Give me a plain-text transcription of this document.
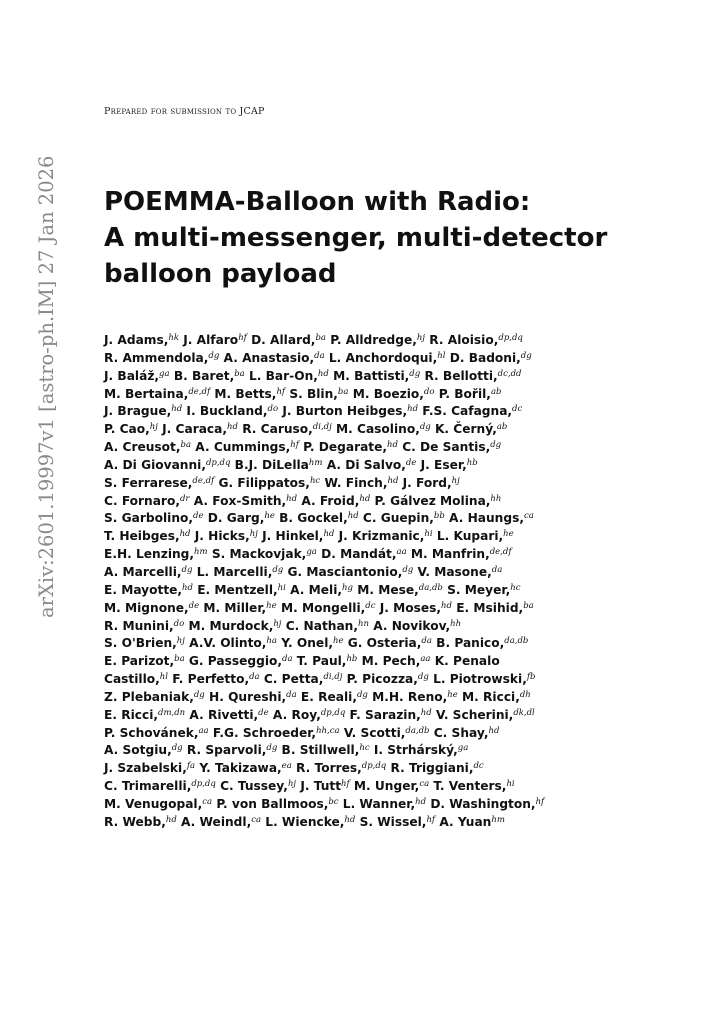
Prepared for submission to JCAP
arXiv:2601.19997v1 [astro-ph.IM] 27 Jan 2026 POEMMA-Balloon with Radio:
A multi-messenger, multi-detector
balloon payload
J. Adams,$^{hk}$ J. Alfaro$^{hf}$ D. Allard,$^{ba}$ P. Alldredge,$^{hj}$ R. Aloisio,$^{dp,dq}$
R. Ammendola,$^{dg}$ A. Anastasio,$^{da}$ L. Anchordoqui,$^{hl}$ D. Badoni,$^{dg}$
J. Baláž,$^{ga}$ B. Baret,$^{ba}$ L. Bar-On,$^{hd}$ M. Battisti,$^{dg}$ R. Bellotti,$^{dc,dd}$
M. Bertaina,$^{de,df}$ M. Betts,$^{hf}$ S. Blin,$^{ba}$ M. Boezio,$^{do}$ P. Bořil,$^{ab}$
J. Brague,$^{hd}$ I. Buckland,$^{do}$ J. Burton Heibges,$^{hd}$ F.S. Cafagna,$^{dc}$
P. Cao,$^{hj}$ J. Caraca,$^{hd}$ R. Caruso,$^{di,dj}$ M. Casolino,$^{dg}$ K. Černý,$^{ab}$
A. Creusot,$^{ba}$ A. Cummings,$^{hf}$ P. Degarate,$^{hd}$ C. De Santis,$^{dg}$
A. Di Giovanni,$^{dp,dq}$ B.J. DiLella$^{hm}$ A. Di Salvo,$^{de}$ J. Eser,$^{hb}$
S. Ferrarese,$^{de,df}$ G. Filippatos,$^{hc}$ W. Finch,$^{hd}$ J. Ford,$^{hj}$
C. Fornaro,$^{dr}$ A. Fox-Smith,$^{hd}$ A. Froid,$^{hd}$ P. Gálvez Molina,$^{hh}$
S. Garbolino,$^{de}$ D. Garg,$^{he}$ B. Gockel,$^{hd}$ C. Guepin,$^{bb}$ A. Haungs,$^{ca}$
T. Heibges,$^{hd}$ J. Hicks,$^{hj}$ J. Hinkel,$^{hd}$ J. Krizmanic,$^{hi}$ L. Kupari,$^{he}$
E.H. Lenzing,$^{hm}$ S. Mackovjak,$^{ga}$ D. Mandát,$^{aa}$ M. Manfrin,$^{de,df}$
A. Marcelli,$^{dg}$ L. Marcelli,$^{dg}$ G. Masciantonio,$^{dg}$ V. Masone,$^{da}$
E. Mayotte,$^{hd}$ E. Mentzell,$^{hi}$ A. Meli,$^{hg}$ M. Mese,$^{da,db}$ S. Meyer,$^{hc}$
M. Mignone,$^{de}$ M. Miller,$^{he}$ M. Mongelli,$^{dc}$ J. Moses,$^{hd}$ E. Msihid,$^{ba}$
R. Munini,$^{do}$ M. Murdock,$^{hj}$ C. Nathan,$^{hn}$ A. Novikov,$^{hh}$
S. O'Brien,$^{hj}$ A.V. Olinto,$^{ha}$ Y. Onel,$^{he}$ G. Osteria,$^{da}$ B. Panico,$^{da,db}$
E. Parizot,$^{ba}$ G. Passeggio,$^{da}$ T. Paul,$^{hb}$ M. Pech,$^{aa}$ K. Penalo
Castillo,$^{hl}$ F. Perfetto,$^{da}$ C. Petta,$^{di,dj}$ P. Picozza,$^{dg}$ L. Piotrowski,$^{fb}$
Z. Plebaniak,$^{dg}$ H. Qureshi,$^{da}$ E. Reali,$^{dg}$ M.H. Reno,$^{he}$ M. Ricci,$^{dh}$
E. Ricci,$^{dm,dn}$ A. Rivetti,$^{de}$ A. Roy,$^{dp,dq}$ F. Sarazin,$^{hd}$ V. Scherini,$^{dk,dl}$
P. Schovánek,$^{aa}$ F.G. Schroeder,$^{hh,ca}$ V. Scotti,$^{da,db}$ C. Shay,$^{hd}$
A. Sotgiu,$^{dg}$ R. Sparvoli,$^{dg}$ B. Stillwell,$^{hc}$ I. Strhárský,$^{ga}$
J. Szabelski,$^{fa}$ Y. Takizawa,$^{ea}$ R. Torres,$^{dp,dq}$ R. Triggiani,$^{dc}$
C. Trimarelli,$^{dp,dq}$ C. Tussey,$^{hj}$ J. Tutt$^{hf}$ M. Unger,$^{ca}$ T. Venters,$^{hi}$
M. Venugopal,$^{ca}$ P. von Ballmoos,$^{bc}$ L. Wanner,$^{hd}$ D. Washington,$^{hf}$
R. Webb,$^{hd}$ A. Weindl,$^{ca}$ L. Wiencke,$^{hd}$ S. Wissel,$^{hf}$ A. Yuan$^{hm}$
